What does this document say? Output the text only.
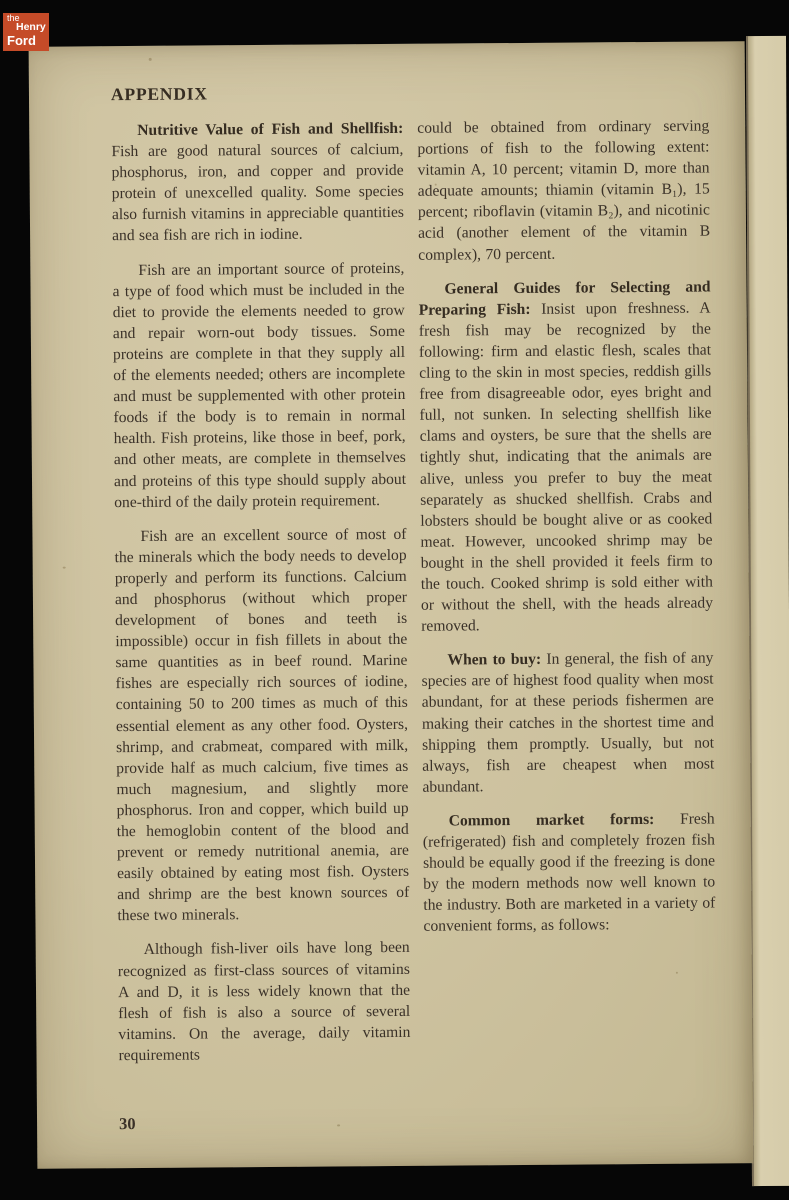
APPENDIX

Nutritive Value of Fish and Shellfish: Fish are good natural sources of calcium, phosphorus, iron, and copper and provide protein of unexcelled quality. Some species also furnish vitamins in appreciable quantities and sea fish are rich in iodine.

Fish are an important source of proteins, a type of food which must be included in the diet to provide the elements needed to grow and repair worn-out body tissues. Some proteins are complete in that they supply all of the elements needed; others are incomplete and must be supplemented with other protein foods if the body is to remain in normal health. Fish proteins, like those in beef, pork, and other meats, are complete in themselves and proteins of this type should supply about one-third of the daily protein requirement.

Fish are an excellent source of most of the minerals which the body needs to develop properly and perform its functions. Calcium and phosphorus (without which proper development of bones and teeth is impossible) occur in fish fillets in about the same quantities as in beef round. Marine fishes are especially rich sources of iodine, containing 50 to 200 times as much of this essential element as any other food. Oysters, shrimp, and crabmeat, compared with milk, provide half as much calcium, five times as much magnesium, and slightly more phosphorus. Iron and copper, which build up the hemoglobin content of the blood and prevent or remedy nutritional anemia, are easily obtained by eating most fish. Oysters and shrimp are the best known sources of these two minerals.

Although fish-liver oils have long been recognized as first-class sources of vitamins A and D, it is less widely known that the flesh of fish is also a source of several vitamins. On the average, daily vitamin requirements

could be obtained from ordinary serving portions of fish to the following extent: vitamin A, 10 percent; vitamin D, more than adequate amounts; thiamin (vitamin B₁), 15 percent; riboflavin (vitamin B₂), and nicotinic acid (another element of the vitamin B complex), 70 percent.

General Guides for Selecting and Preparing Fish: Insist upon freshness. A fresh fish may be recognized by the following: firm and elastic flesh, scales that cling to the skin in most species, reddish gills free from disagreeable odor, eyes bright and full, not sunken. In selecting shellfish like clams and oysters, be sure that the shells are tightly shut, indicating that the animals are alive, unless you prefer to buy the meat separately as shucked shellfish. Crabs and lobsters should be bought alive or as cooked meat. However, uncooked shrimp may be bought in the shell provided it feels firm to the touch. Cooked shrimp is sold either with or without the shell, with the heads already removed.

When to buy: In general, the fish of any species are of highest food quality when most abundant, for at these periods fishermen are making their catches in the shortest time and shipping them promptly. Usually, but not always, fish are cheapest when most abundant.

Common market forms: Fresh (refrigerated) fish and completely frozen fish should be equally good if the freezing is done by the modern methods now well known to the industry. Both are marketed in a variety of convenient forms, as follows:

30
the
Henry
Ford
